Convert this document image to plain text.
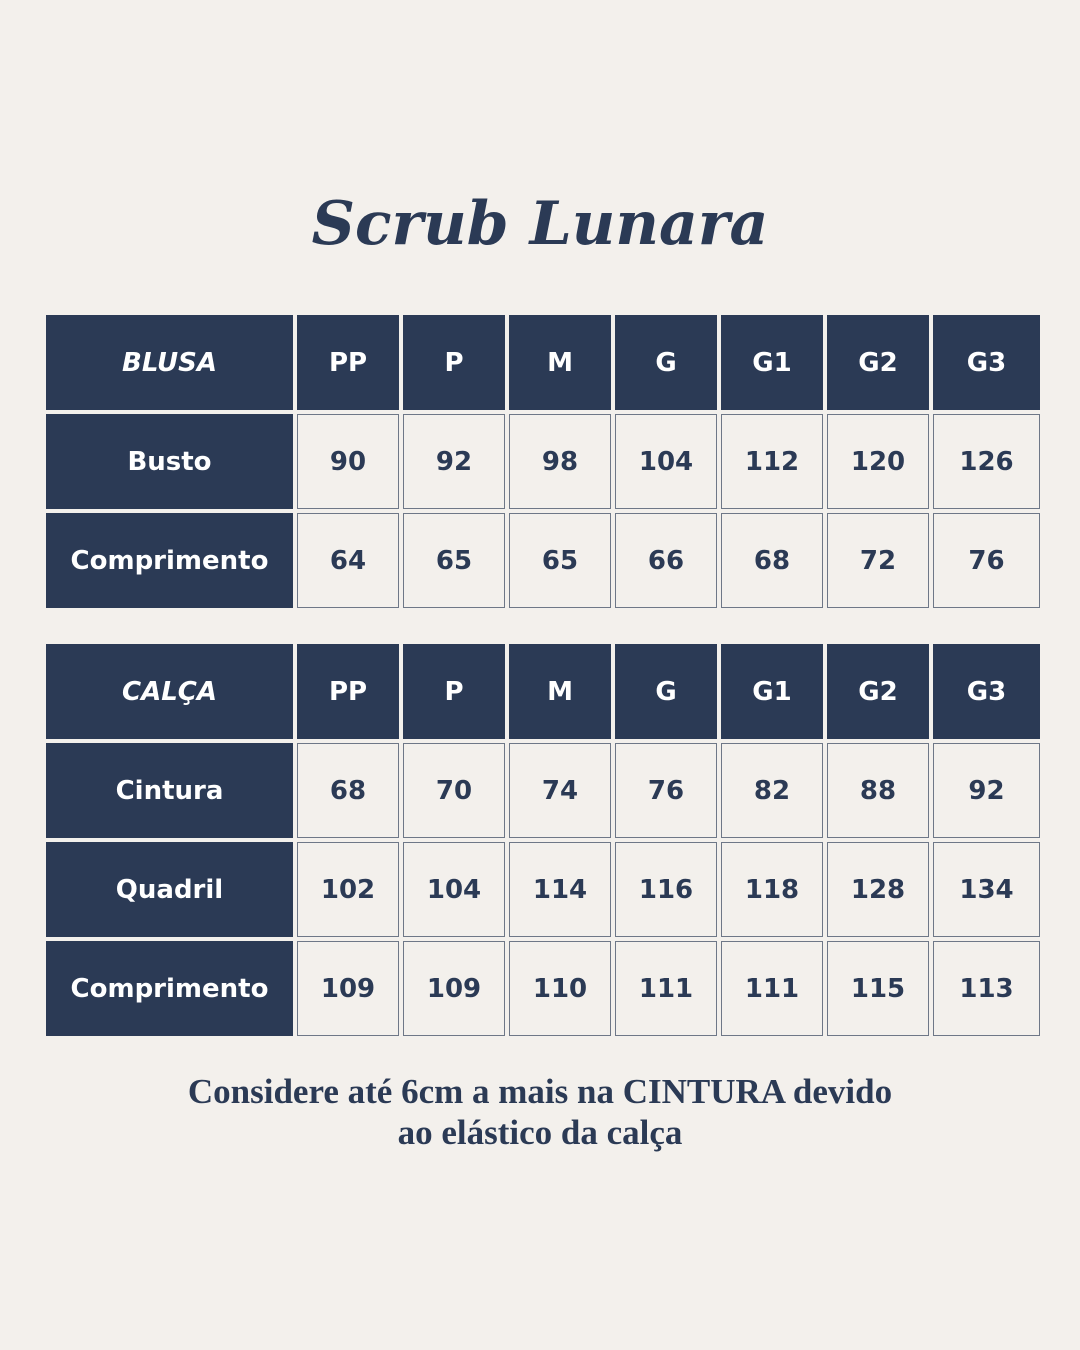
Scrub Lunara
BLUSA	PP	P	M	G	G1	G2	G3
Busto	90	92	98	104	112	120	126
Comprimento	64	65	65	66	68	72	76
CALÇA	PP	P	M	G	G1	G2	G3
Cintura	68	70	74	76	82	88	92
Quadril	102	104	114	116	118	128	134
Comprimento	109	109	110	111	111	115	113

Considere até 6cm a mais na CINTURA devido
ao elástico da calça
